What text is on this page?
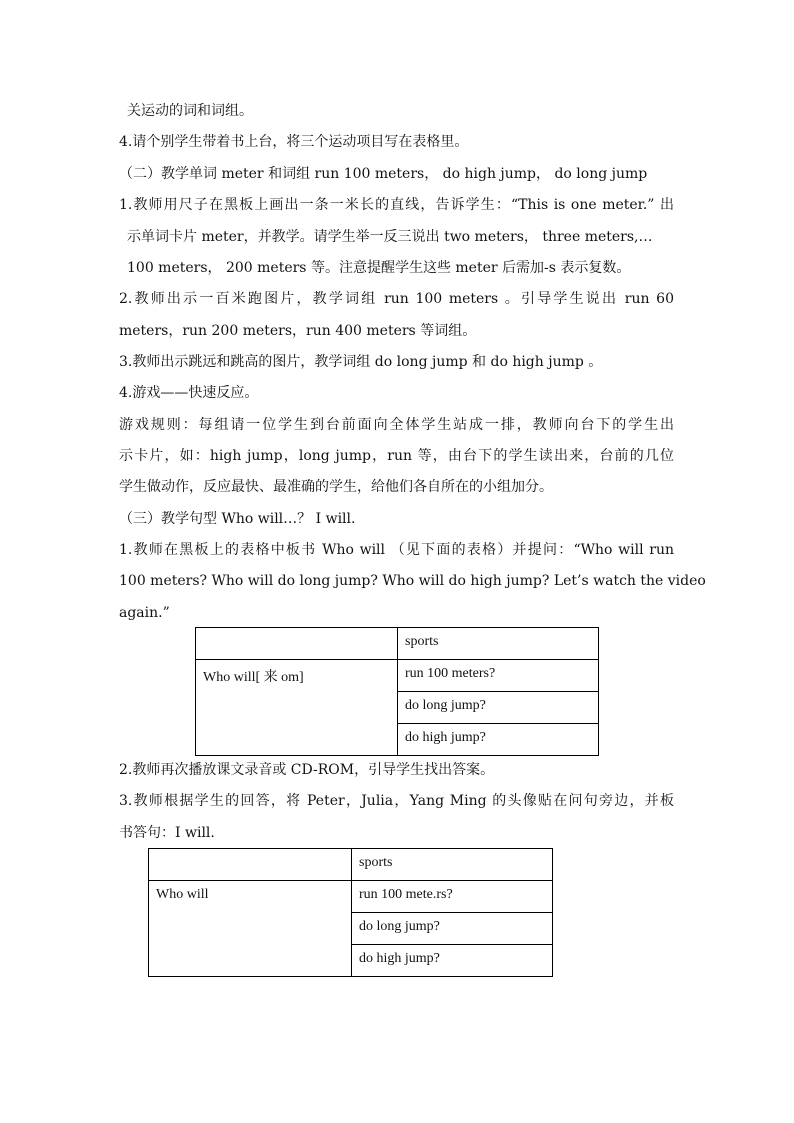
关运动的词和词组。
4.请个别学生带着书上台，将三个运动项目写在表格里。
（二）教学单词 meter 和词组 run 100 meters， do high jump， do long jump
1.教师用尺子在黑板上画出一条一米长的直线，告诉学生：“This is one meter.” 出
示单词卡片 meter，并教学。请学生举一反三说出 two meters， three meters,…
100 meters， 200 meters 等。注意提醒学生这些 meter 后需加-s 表示复数。
2.教师出示一百米跑图片，教学词组 run 100 meters 。引导学生说出 run 60
meters，run 200 meters，run 400 meters 等词组。
3.教师出示跳远和跳高的图片，教学词组 do long jump 和 do high jump 。
4.游戏——快速反应。
游戏规则：每组请一位学生到台前面向全体学生站成一排，教师向台下的学生出
示卡片，如：high jump，long jump，run 等，由台下的学生读出来，台前的几位
学生做动作，反应最快、最准确的学生，给他们各自所在的小组加分。
（三）教学句型 Who will…？ I will.
1.教师在黑板上的表格中板书 Who will （见下面的表格）并提问：“Who will run
100 meters? Who will do long jump? Who will do high jump? Let’s watch the video
again.”
	sports
Who will[ 来 om]	run 100 meters?
	do long jump?
	do high jump?
2.教师再次播放课文录音或 CD-ROM，引导学生找出答案。
3.教师根据学生的回答，将 Peter，Julia，Yang Ming 的头像贴在问句旁边，并板
书答句：I will.
	sports
Who will	run 100 mete.rs?
	do long jump?
	do high jump?
